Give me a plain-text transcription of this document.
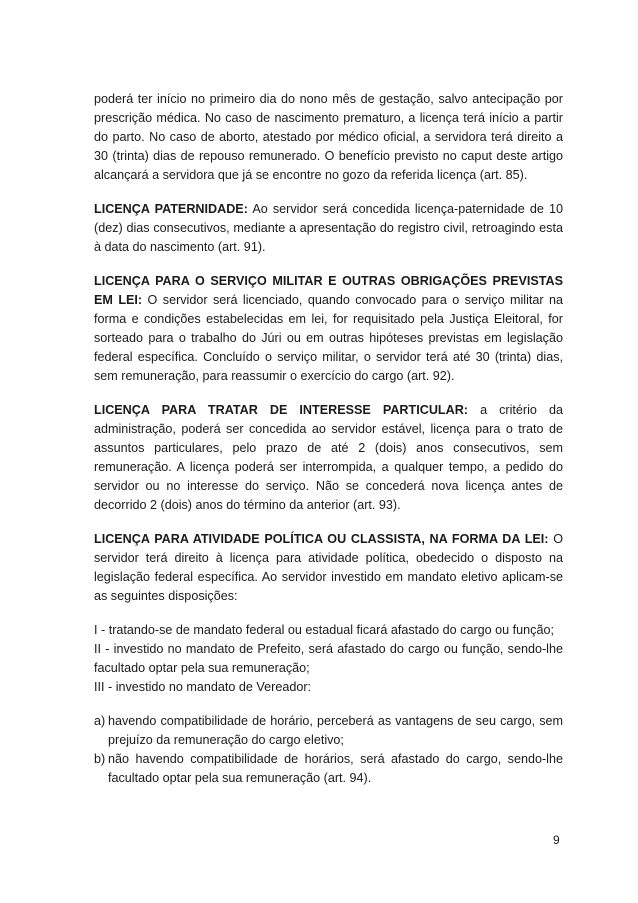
poderá ter início no primeiro dia do nono mês de gestação, salvo antecipação por prescrição médica. No caso de nascimento prematuro, a licença terá início a partir do parto. No caso de aborto, atestado por médico oficial, a servidora terá direito a 30 (trinta) dias de repouso remunerado. O benefício previsto no caput deste artigo alcançará a servidora que já se encontre no gozo da referida licença (art. 85).

LICENÇA PATERNIDADE: Ao servidor será concedida licença-paternidade de 10 (dez) dias consecutivos, mediante a apresentação do registro civil, retroagindo esta à data do nascimento (art. 91).

LICENÇA PARA O SERVIÇO MILITAR E OUTRAS OBRIGAÇÕES PREVISTAS EM LEI: O servidor será licenciado, quando convocado para o serviço militar na forma e condições estabelecidas em lei, for requisitado pela Justiça Eleitoral, for sorteado para o trabalho do Júri ou em outras hipóteses previstas em legislação federal específica. Concluído o serviço militar, o servidor terá até 30 (trinta) dias, sem remuneração, para reassumir o exercício do cargo (art. 92).

LICENÇA PARA TRATAR DE INTERESSE PARTICULAR: a critério da administração, poderá ser concedida ao servidor estável, licença para o trato de assuntos particulares, pelo prazo de até 2 (dois) anos consecutivos, sem remuneração. A licença poderá ser interrompida, a qualquer tempo, a pedido do servidor ou no interesse do serviço. Não se concederá nova licença antes de decorrido 2 (dois) anos do término da anterior (art. 93).

LICENÇA PARA ATIVIDADE POLÍTICA OU CLASSISTA, NA FORMA DA LEI: O servidor terá direito à licença para atividade política, obedecido o disposto na legislação federal específica. Ao servidor investido em mandato eletivo aplicam-se as seguintes disposições:

I - tratando-se de mandato federal ou estadual ficará afastado do cargo ou função;

II - investido no mandato de Prefeito, será afastado do cargo ou função, sendo-lhe facultado optar pela sua remuneração;

III - investido no mandato de Vereador:

a) havendo compatibilidade de horário, perceberá as vantagens de seu cargo, sem prejuízo da remuneração do cargo eletivo;
b) não havendo compatibilidade de horários, será afastado do cargo, sendo-lhe facultado optar pela sua remuneração (art. 94).
9
